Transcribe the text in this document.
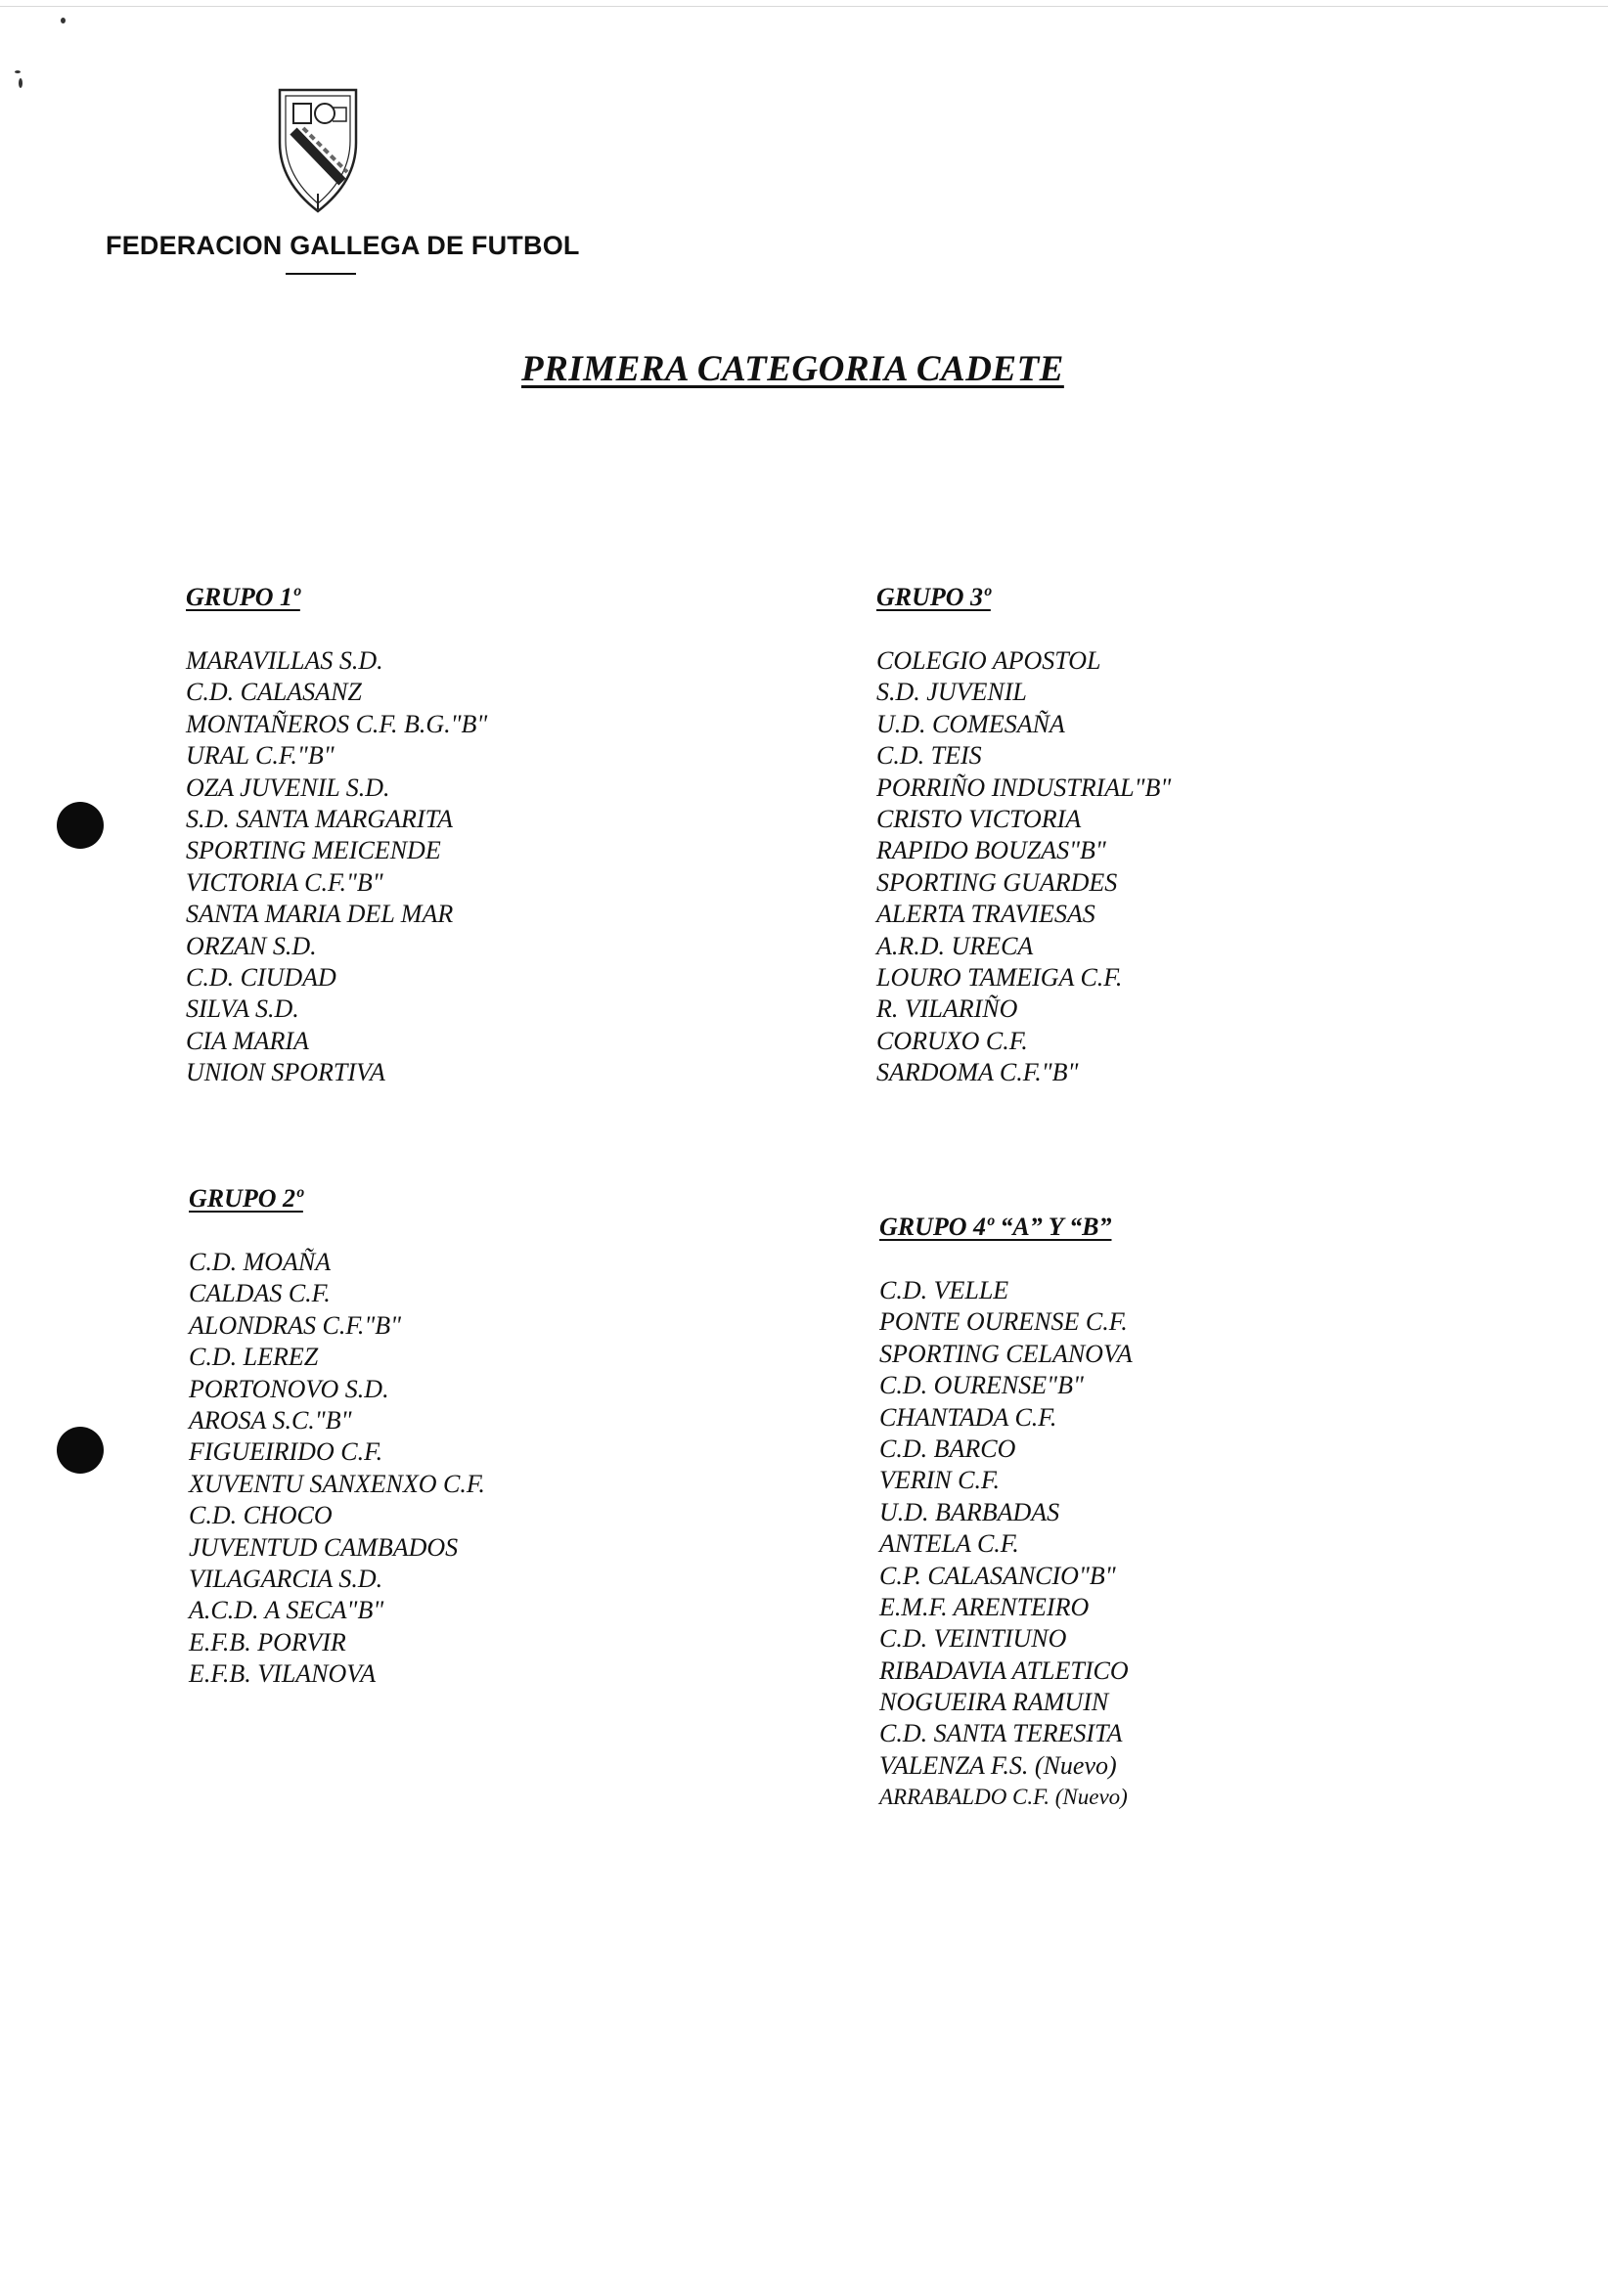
FEDERACION GALLEGA DE FUTBOL
PRIMERA CATEGORIA CADETE
GRUPO 1º
MARAVILLAS S.D.
C.D. CALASANZ
MONTAÑEROS C.F. B.G."B"
URAL C.F."B"
OZA JUVENIL S.D.
S.D. SANTA MARGARITA
SPORTING MEICENDE
VICTORIA C.F."B"
SANTA MARIA DEL MAR
ORZAN S.D.
C.D. CIUDAD
SILVA S.D.
CIA MARIA
UNION SPORTIVA
GRUPO 3º
COLEGIO APOSTOL
S.D. JUVENIL
U.D. COMESAÑA
C.D. TEIS
PORRIÑO INDUSTRIAL"B"
CRISTO VICTORIA
RAPIDO BOUZAS"B"
SPORTING GUARDES
ALERTA TRAVIESAS
A.R.D. URECA
LOURO TAMEIGA C.F.
R. VILARIÑO
CORUXO C.F.
SARDOMA C.F."B"
GRUPO 2º
C.D. MOAÑA
CALDAS C.F.
ALONDRAS C.F."B"
C.D. LEREZ
PORTONOVO S.D.
AROSA S.C."B"
FIGUEIRIDO C.F.
XUVENTU SANXENXO C.F.
C.D. CHOCO
JUVENTUD CAMBADOS
VILAGARCIA S.D.
A.C.D. A SECA"B"
E.F.B. PORVIR
E.F.B. VILANOVA
GRUPO 4º “A” Y “B”
C.D. VELLE
PONTE OURENSE C.F.
SPORTING CELANOVA
C.D. OURENSE"B"
CHANTADA C.F.
C.D. BARCO
VERIN C.F.
U.D. BARBADAS
ANTELA C.F.
C.P. CALASANCIO"B"
E.M.F. ARENTEIRO
C.D. VEINTIUNO
RIBADAVIA ATLETICO
NOGUEIRA RAMUIN
C.D. SANTA TERESITA
VALENZA F.S. (Nuevo)
ARRABALDO C.F. (Nuevo)
